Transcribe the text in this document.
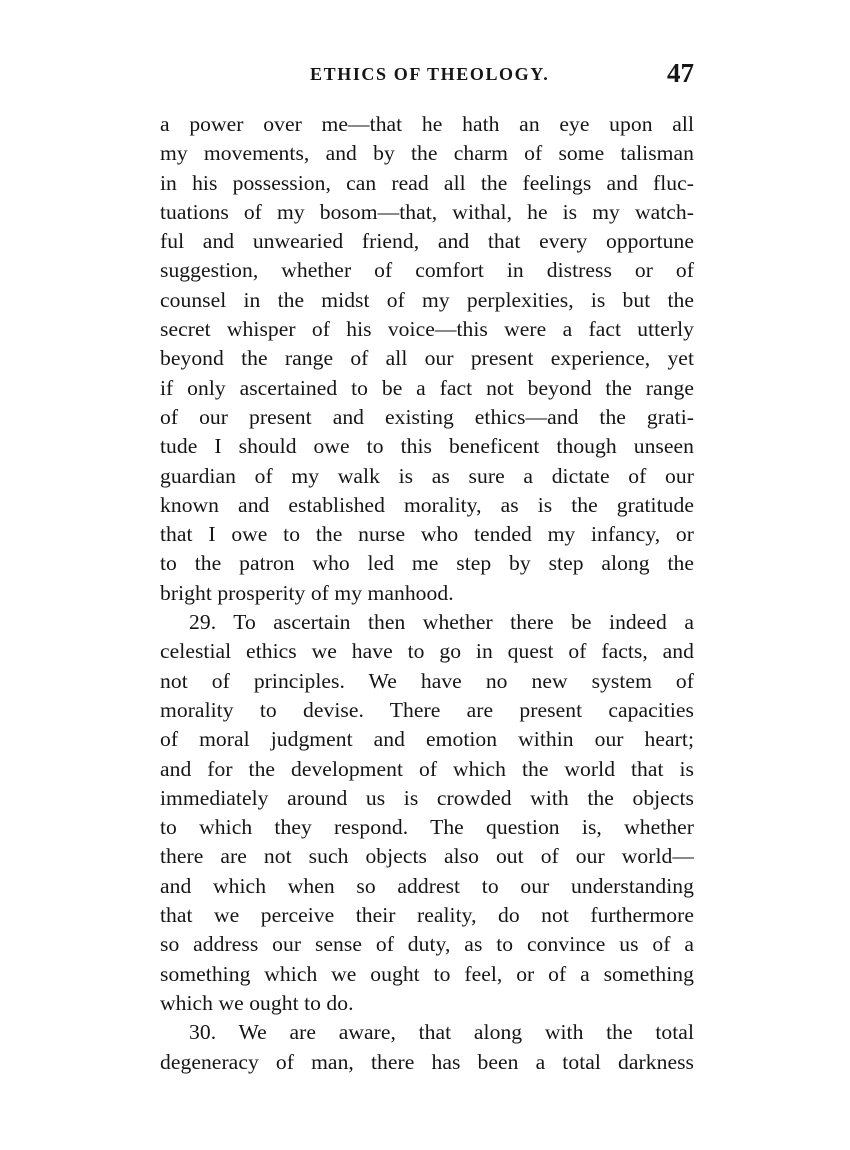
ETHICS OF THEOLOGY.	47
a power over me—that he hath an eye upon all
my movements, and by the charm of some talisman
in his possession, can read all the feelings and fluc-
tuations of my bosom—that, withal, he is my watch-
ful and unwearied friend, and that every opportune
suggestion, whether of comfort in distress or of
counsel in the midst of my perplexities, is but the
secret whisper of his voice—this were a fact utterly
beyond the range of all our present experience, yet
if only ascertained to be a fact not beyond the range
of our present and existing ethics—and the grati-
tude I should owe to this beneficent though unseen
guardian of my walk is as sure a dictate of our
known and established morality, as is the gratitude
that I owe to the nurse who tended my infancy, or
to the patron who led me step by step along the
bright prosperity of my manhood.
29. To ascertain then whether there be indeed a
celestial ethics we have to go in quest of facts, and
not of principles. We have no new system of
morality to devise. There are present capacities
of moral judgment and emotion within our heart;
and for the development of which the world that is
immediately around us is crowded with the objects
to which they respond. The question is, whether
there are not such objects also out of our world—
and which when so addrest to our understanding
that we perceive their reality, do not furthermore
so address our sense of duty, as to convince us of a
something which we ought to feel, or of a something
which we ought to do.
30. We are aware, that along with the total
degeneracy of man, there has been a total darkness
